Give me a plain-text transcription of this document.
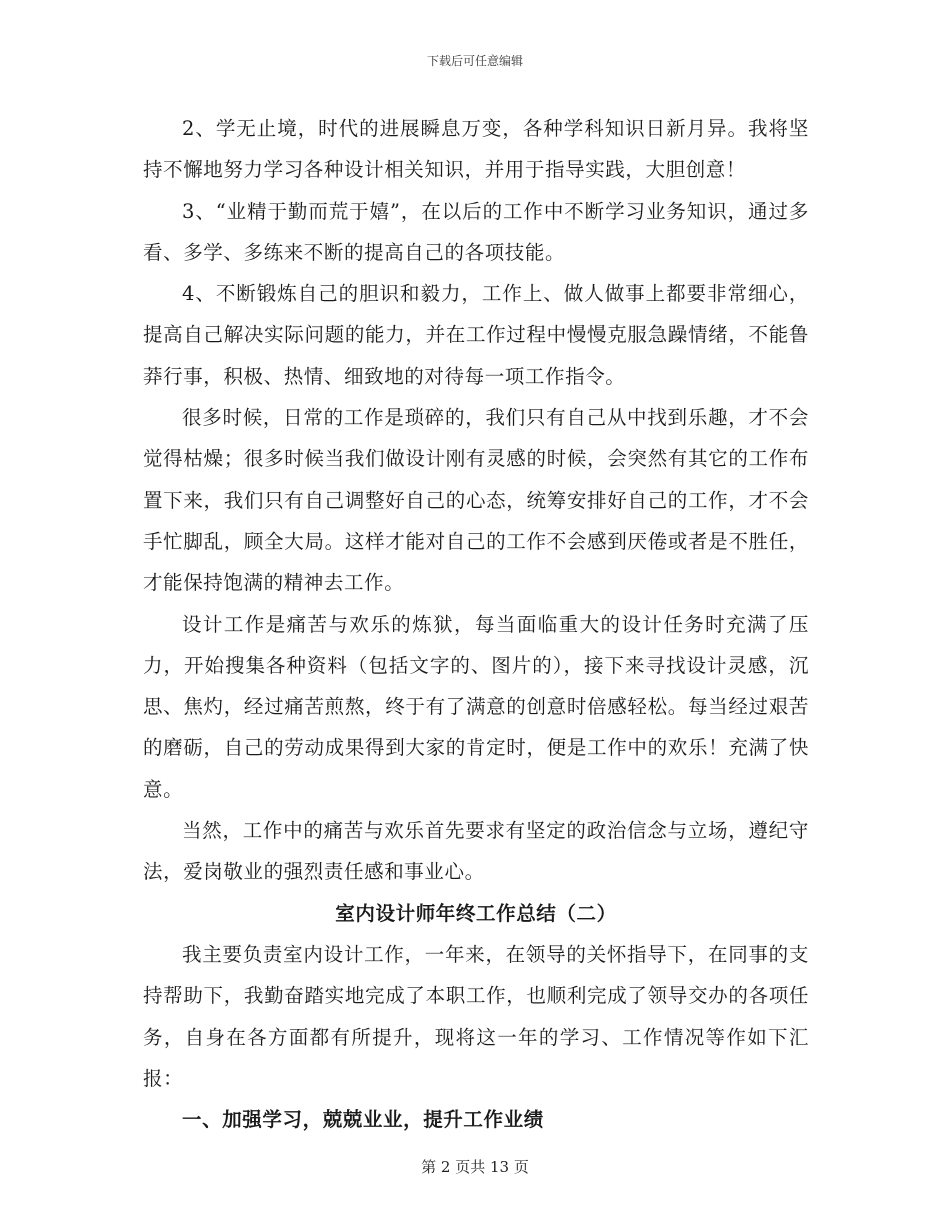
下载后可任意编辑

2、学无止境，时代的进展瞬息万变，各种学科知识日新月异。我将坚持不懈地努力学习各种设计相关知识，并用于指导实践，大胆创意！

3、“业精于勤而荒于嬉”，在以后的工作中不断学习业务知识，通过多看、多学、多练来不断的提高自己的各项技能。

4、不断锻炼自己的胆识和毅力，工作上、做人做事上都要非常细心，提高自己解决实际问题的能力，并在工作过程中慢慢克服急躁情绪，不能鲁莽行事，积极、热情、细致地的对待每一项工作指令。

很多时候，日常的工作是琐碎的，我们只有自己从中找到乐趣，才不会觉得枯燥；很多时候当我们做设计刚有灵感的时候，会突然有其它的工作布置下来，我们只有自己调整好自己的心态，统筹安排好自己的工作，才不会手忙脚乱，顾全大局。这样才能对自己的工作不会感到厌倦或者是不胜任，才能保持饱满的精神去工作。

设计工作是痛苦与欢乐的炼狱，每当面临重大的设计任务时充满了压力，开始搜集各种资料（包括文字的、图片的），接下来寻找设计灵感，沉思、焦灼，经过痛苦煎熬，终于有了满意的创意时倍感轻松。每当经过艰苦的磨砺，自己的劳动成果得到大家的肯定时，便是工作中的欢乐！充满了快意。

当然，工作中的痛苦与欢乐首先要求有坚定的政治信念与立场，遵纪守法，爱岗敬业的强烈责任感和事业心。

室内设计师年终工作总结（二）

我主要负责室内设计工作，一年来，在领导的关怀指导下，在同事的支持帮助下，我勤奋踏实地完成了本职工作，也顺利完成了领导交办的各项任务，自身在各方面都有所提升，现将这一年的学习、工作情况等作如下汇报：

一、加强学习，兢兢业业，提升工作业绩

第 2 页共 13 页
